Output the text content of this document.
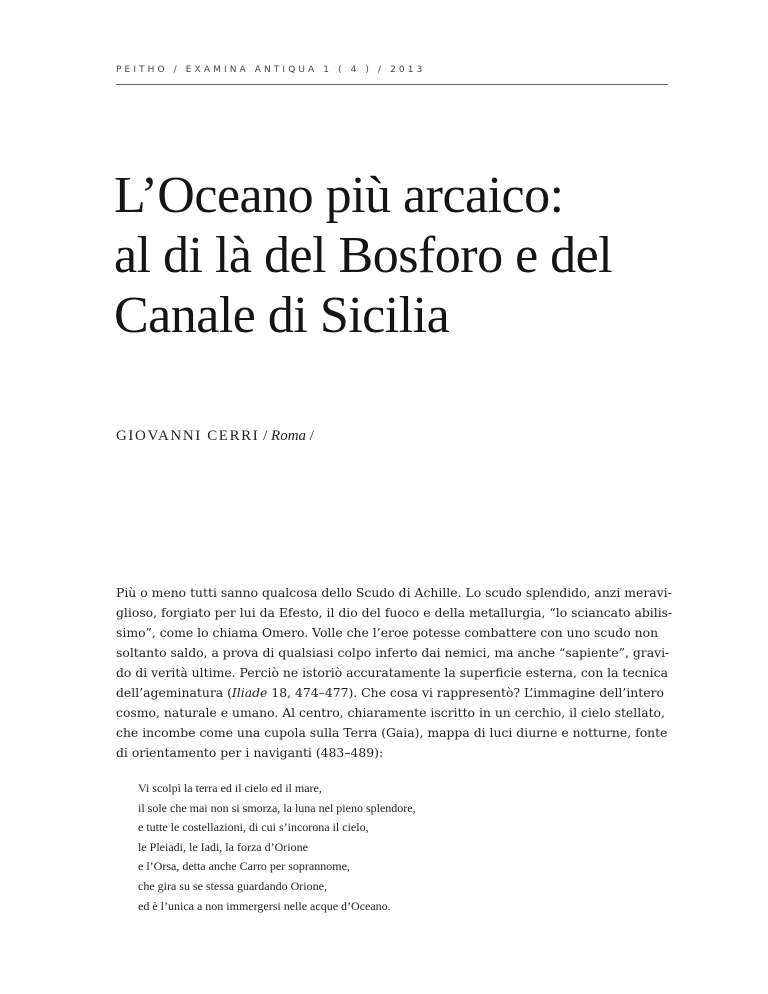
PEITHO / EXAMINA ANTIQUA 1 ( 4 ) / 2013
L’Oceano più arcaico:
al di là del Bosforo e del
Canale di Sicilia
GIOVANNI CERRI / Roma /
Più o meno tutti sanno qualcosa dello Scudo di Achille. Lo scudo splendido, anzi meravi-
glioso, forgiato per lui da Efesto, il dio del fuoco e della metallurgia, “lo sciancato abilis-
simo”, come lo chiama Omero. Volle che l’eroe potesse combattere con uno scudo non
soltanto saldo, a prova di qualsiasi colpo inferto dai nemici, ma anche “sapiente”, gravi-
do di verità ultime. Perciò ne istoriò accuratamente la superficie esterna, con la tecnica
dell’ageminatura (Iliade 18, 474–477). Che cosa vi rappresentò? L’immagine dell’intero
cosmo, naturale e umano. Al centro, chiaramente iscritto in un cerchio, il cielo stellato,
che incombe come una cupola sulla Terra (Gaia), mappa di luci diurne e notturne, fonte
di orientamento per i naviganti (483–489):
Vi scolpì la terra ed il cielo ed il mare,
il sole che mai non si smorza, la luna nel pieno splendore,
e tutte le costellazioni, di cui s’incorona il cielo,
le Pleiadi, le Iadi, la forza d’Orione
e l’Orsa, detta anche Carro per soprannome,
che gira su se stessa guardando Orione,
ed è l’unica a non immergersi nelle acque d’Oceano.
